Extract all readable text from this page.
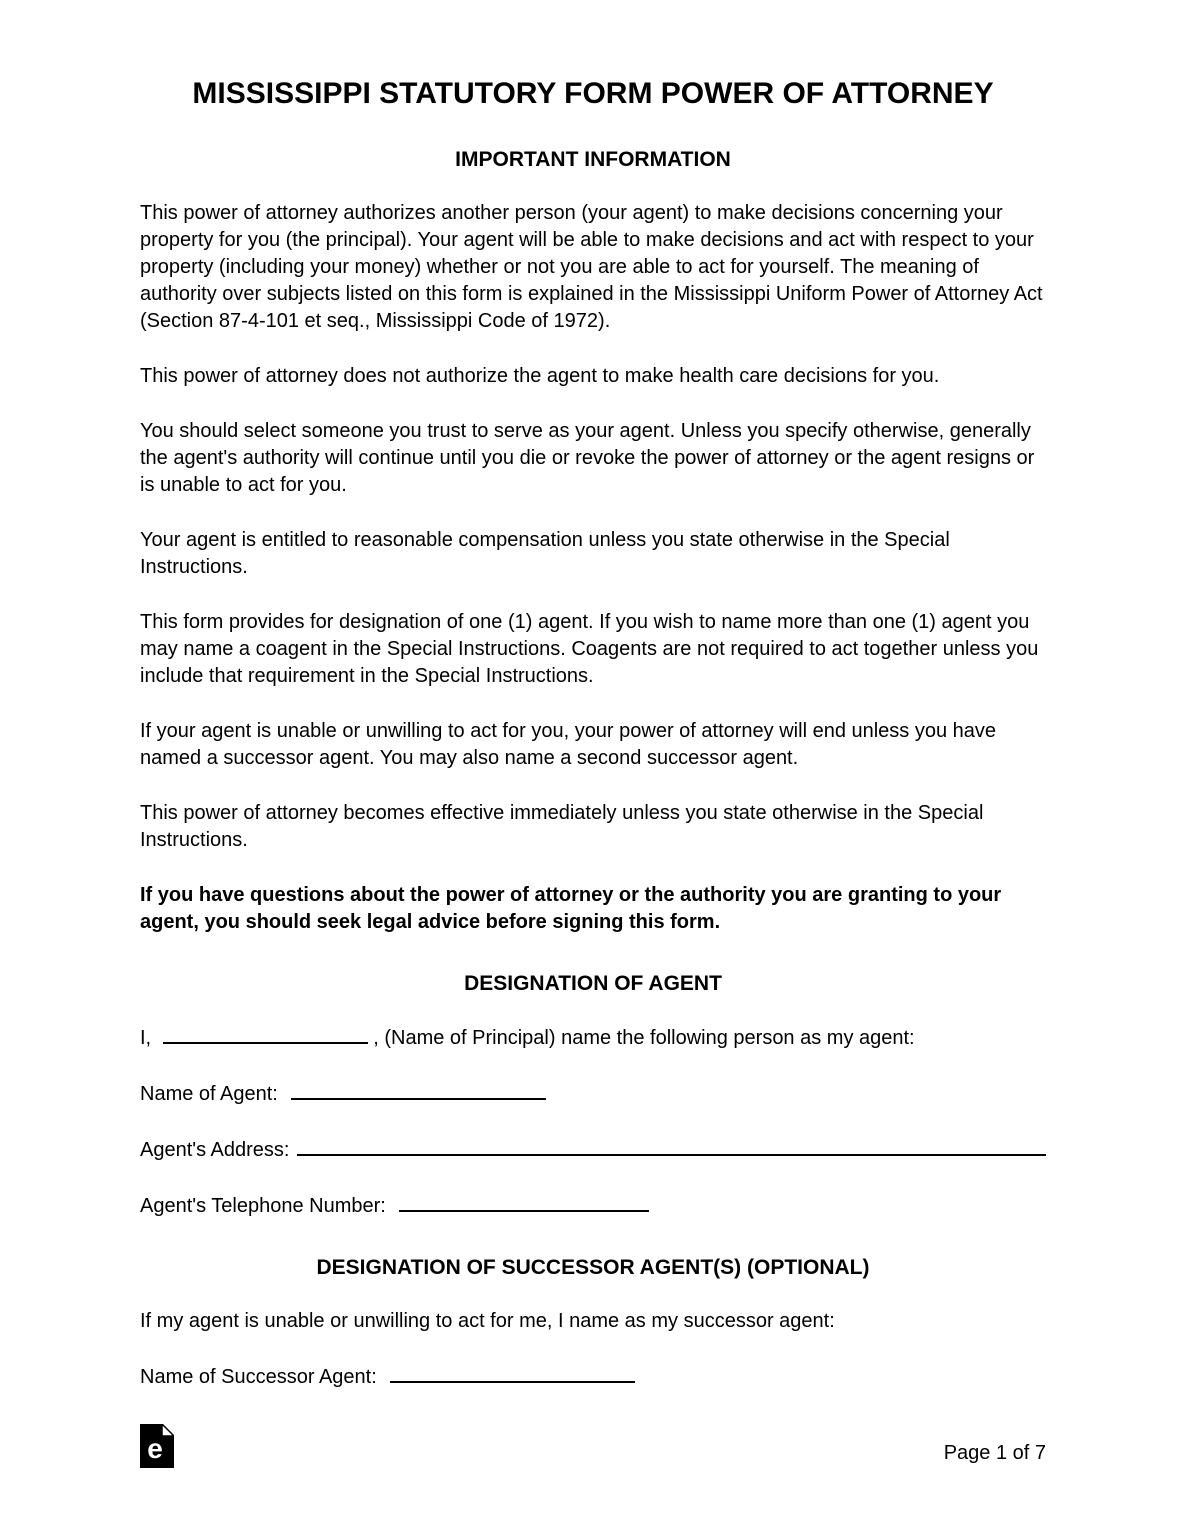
MISSISSIPPI STATUTORY FORM POWER OF ATTORNEY
IMPORTANT INFORMATION

This power of attorney authorizes another person (your agent) to make decisions concerning your property for you (the principal). Your agent will be able to make decisions and act with respect to your property (including your money) whether or not you are able to act for yourself. The meaning of authority over subjects listed on this form is explained in the Mississippi Uniform Power of Attorney Act (Section 87-4-101 et seq., Mississippi Code of 1972).

This power of attorney does not authorize the agent to make health care decisions for you.

You should select someone you trust to serve as your agent. Unless you specify otherwise, generally the agent's authority will continue until you die or revoke the power of attorney or the agent resigns or is unable to act for you.

Your agent is entitled to reasonable compensation unless you state otherwise in the Special Instructions.

This form provides for designation of one (1) agent. If you wish to name more than one (1) agent you may name a coagent in the Special Instructions. Coagents are not required to act together unless you include that requirement in the Special Instructions.

If your agent is unable or unwilling to act for you, your power of attorney will end unless you have named a successor agent. You may also name a second successor agent.

This power of attorney becomes effective immediately unless you state otherwise in the Special Instructions.

If you have questions about the power of attorney or the authority you are granting to your agent, you should seek legal advice before signing this form.

DESIGNATION OF AGENT
I,	, (Name of Principal) name the following person as my agent:
Name of Agent:
Agent's Address:
Agent's Telephone Number:
DESIGNATION OF SUCCESSOR AGENT(S) (OPTIONAL)

If my agent is unable or unwilling to act for me, I name as my successor agent:

Name of Successor Agent:
e	Page 1 of 7
